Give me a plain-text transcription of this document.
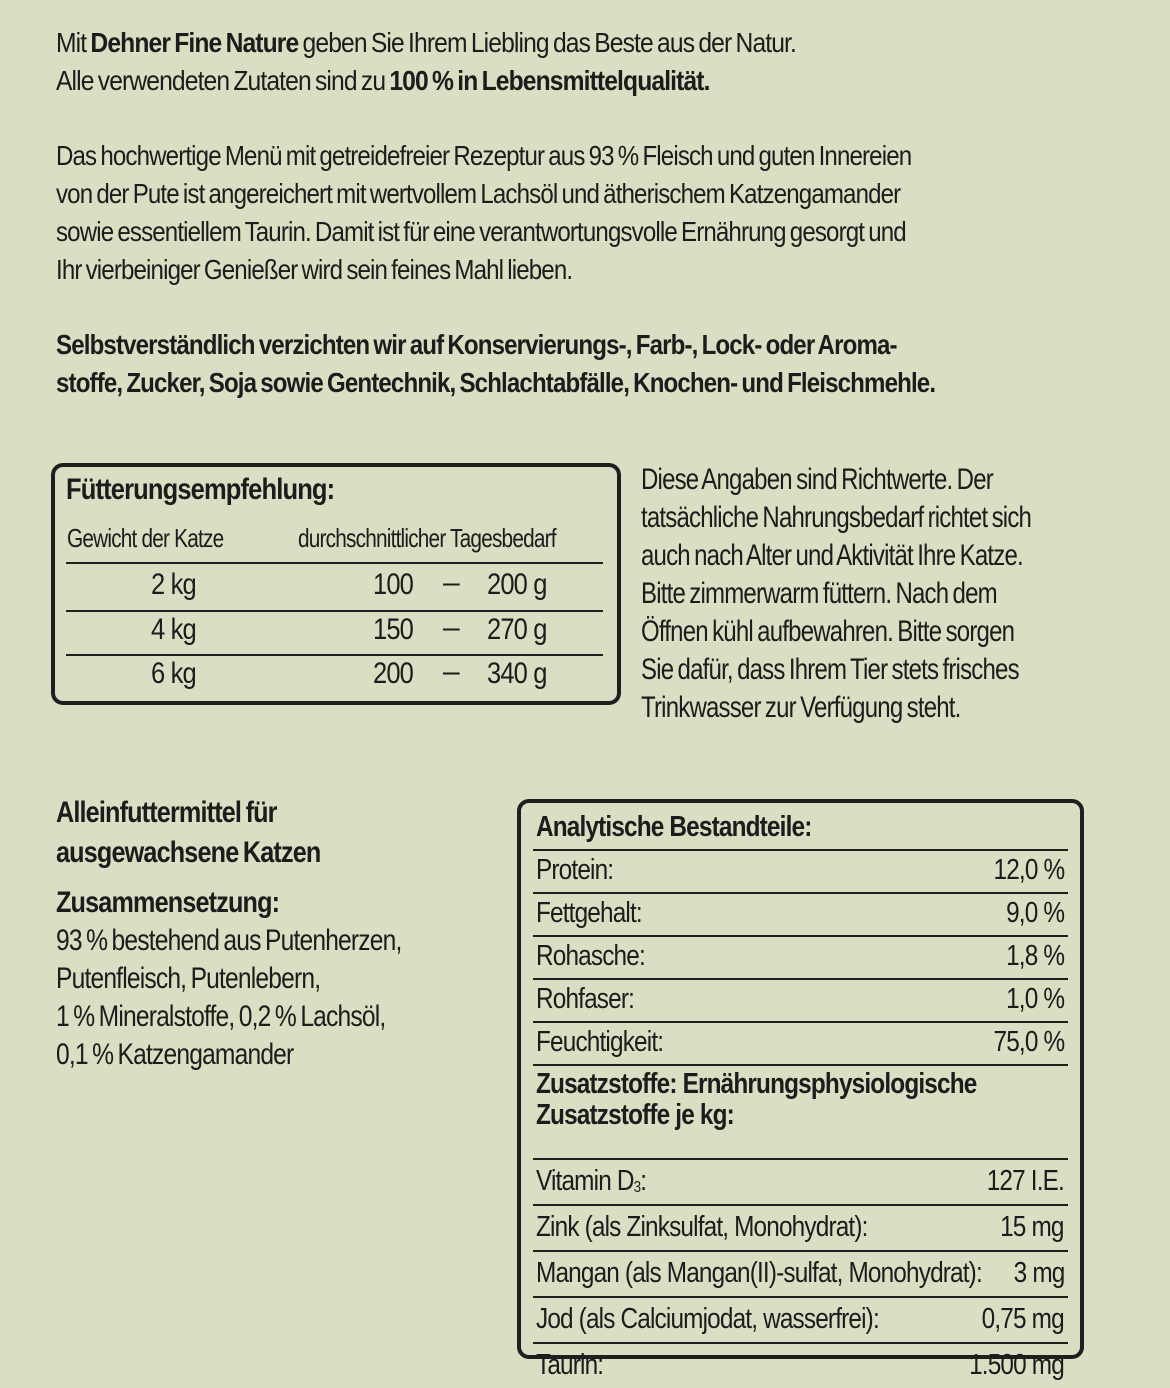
Mit Dehner Fine Nature geben Sie Ihrem Liebling das Beste aus der Natur.
Alle verwendeten Zutaten sind zu 100 % in Lebensmittelqualität.
Das hochwertige Menü mit getreidefreier Rezeptur aus 93 % Fleisch und guten Innereien
von der Pute ist angereichert mit wertvollem Lachsöl und ätherischem Katzengamander
sowie essentiellem Taurin. Damit ist für eine verantwortungsvolle Ernährung gesorgt und
Ihr vierbeiniger Genießer wird sein feines Mahl lieben.
Selbstverständlich verzichten wir auf Konservierungs-, Farb-, Lock- oder Aroma-
stoffe, Zucker, Soja sowie Gentechnik, Schlachtabfälle, Knochen- und Fleischmehle.
Fütterungsempfehlung:
Gewicht der Katze	durchschnittlicher Tagesbedarf
2 kg	100 – 200 g
4 kg	150 – 270 g
6 kg	200 – 340 g
Diese Angaben sind Richtwerte. Der
tatsächliche Nahrungsbedarf richtet sich
auch nach Alter und Aktivität Ihre Katze.
Bitte zimmerwarm füttern. Nach dem
Öffnen kühl aufbewahren. Bitte sorgen
Sie dafür, dass Ihrem Tier stets frisches
Trinkwasser zur Verfügung steht.
Alleinfuttermittel für
ausgewachsene Katzen
Zusammensetzung:
93 % bestehend aus Putenherzen,
Putenfleisch, Putenlebern,
1 % Mineralstoffe, 0,2 % Lachsöl,
0,1 % Katzengamander
Analytische Bestandteile:
Protein:	12,0 %
Fettgehalt:	9,0 %
Rohasche:	1,8 %
Rohfaser:	1,0 %
Feuchtigkeit:	75,0 %
Zusatzstoffe: Ernährungsphysiologische
Zusatzstoffe je kg:
Vitamin $D_3$:	127 I.E.
Zink (als Zinksulfat, Monohydrat):	15 mg
Mangan (als Mangan(II)-sulfat, Monohydrat):	3 mg
Jod (als Calciumjodat, wasserfrei):	0,75 mg
Taurin:	1.500 mg
